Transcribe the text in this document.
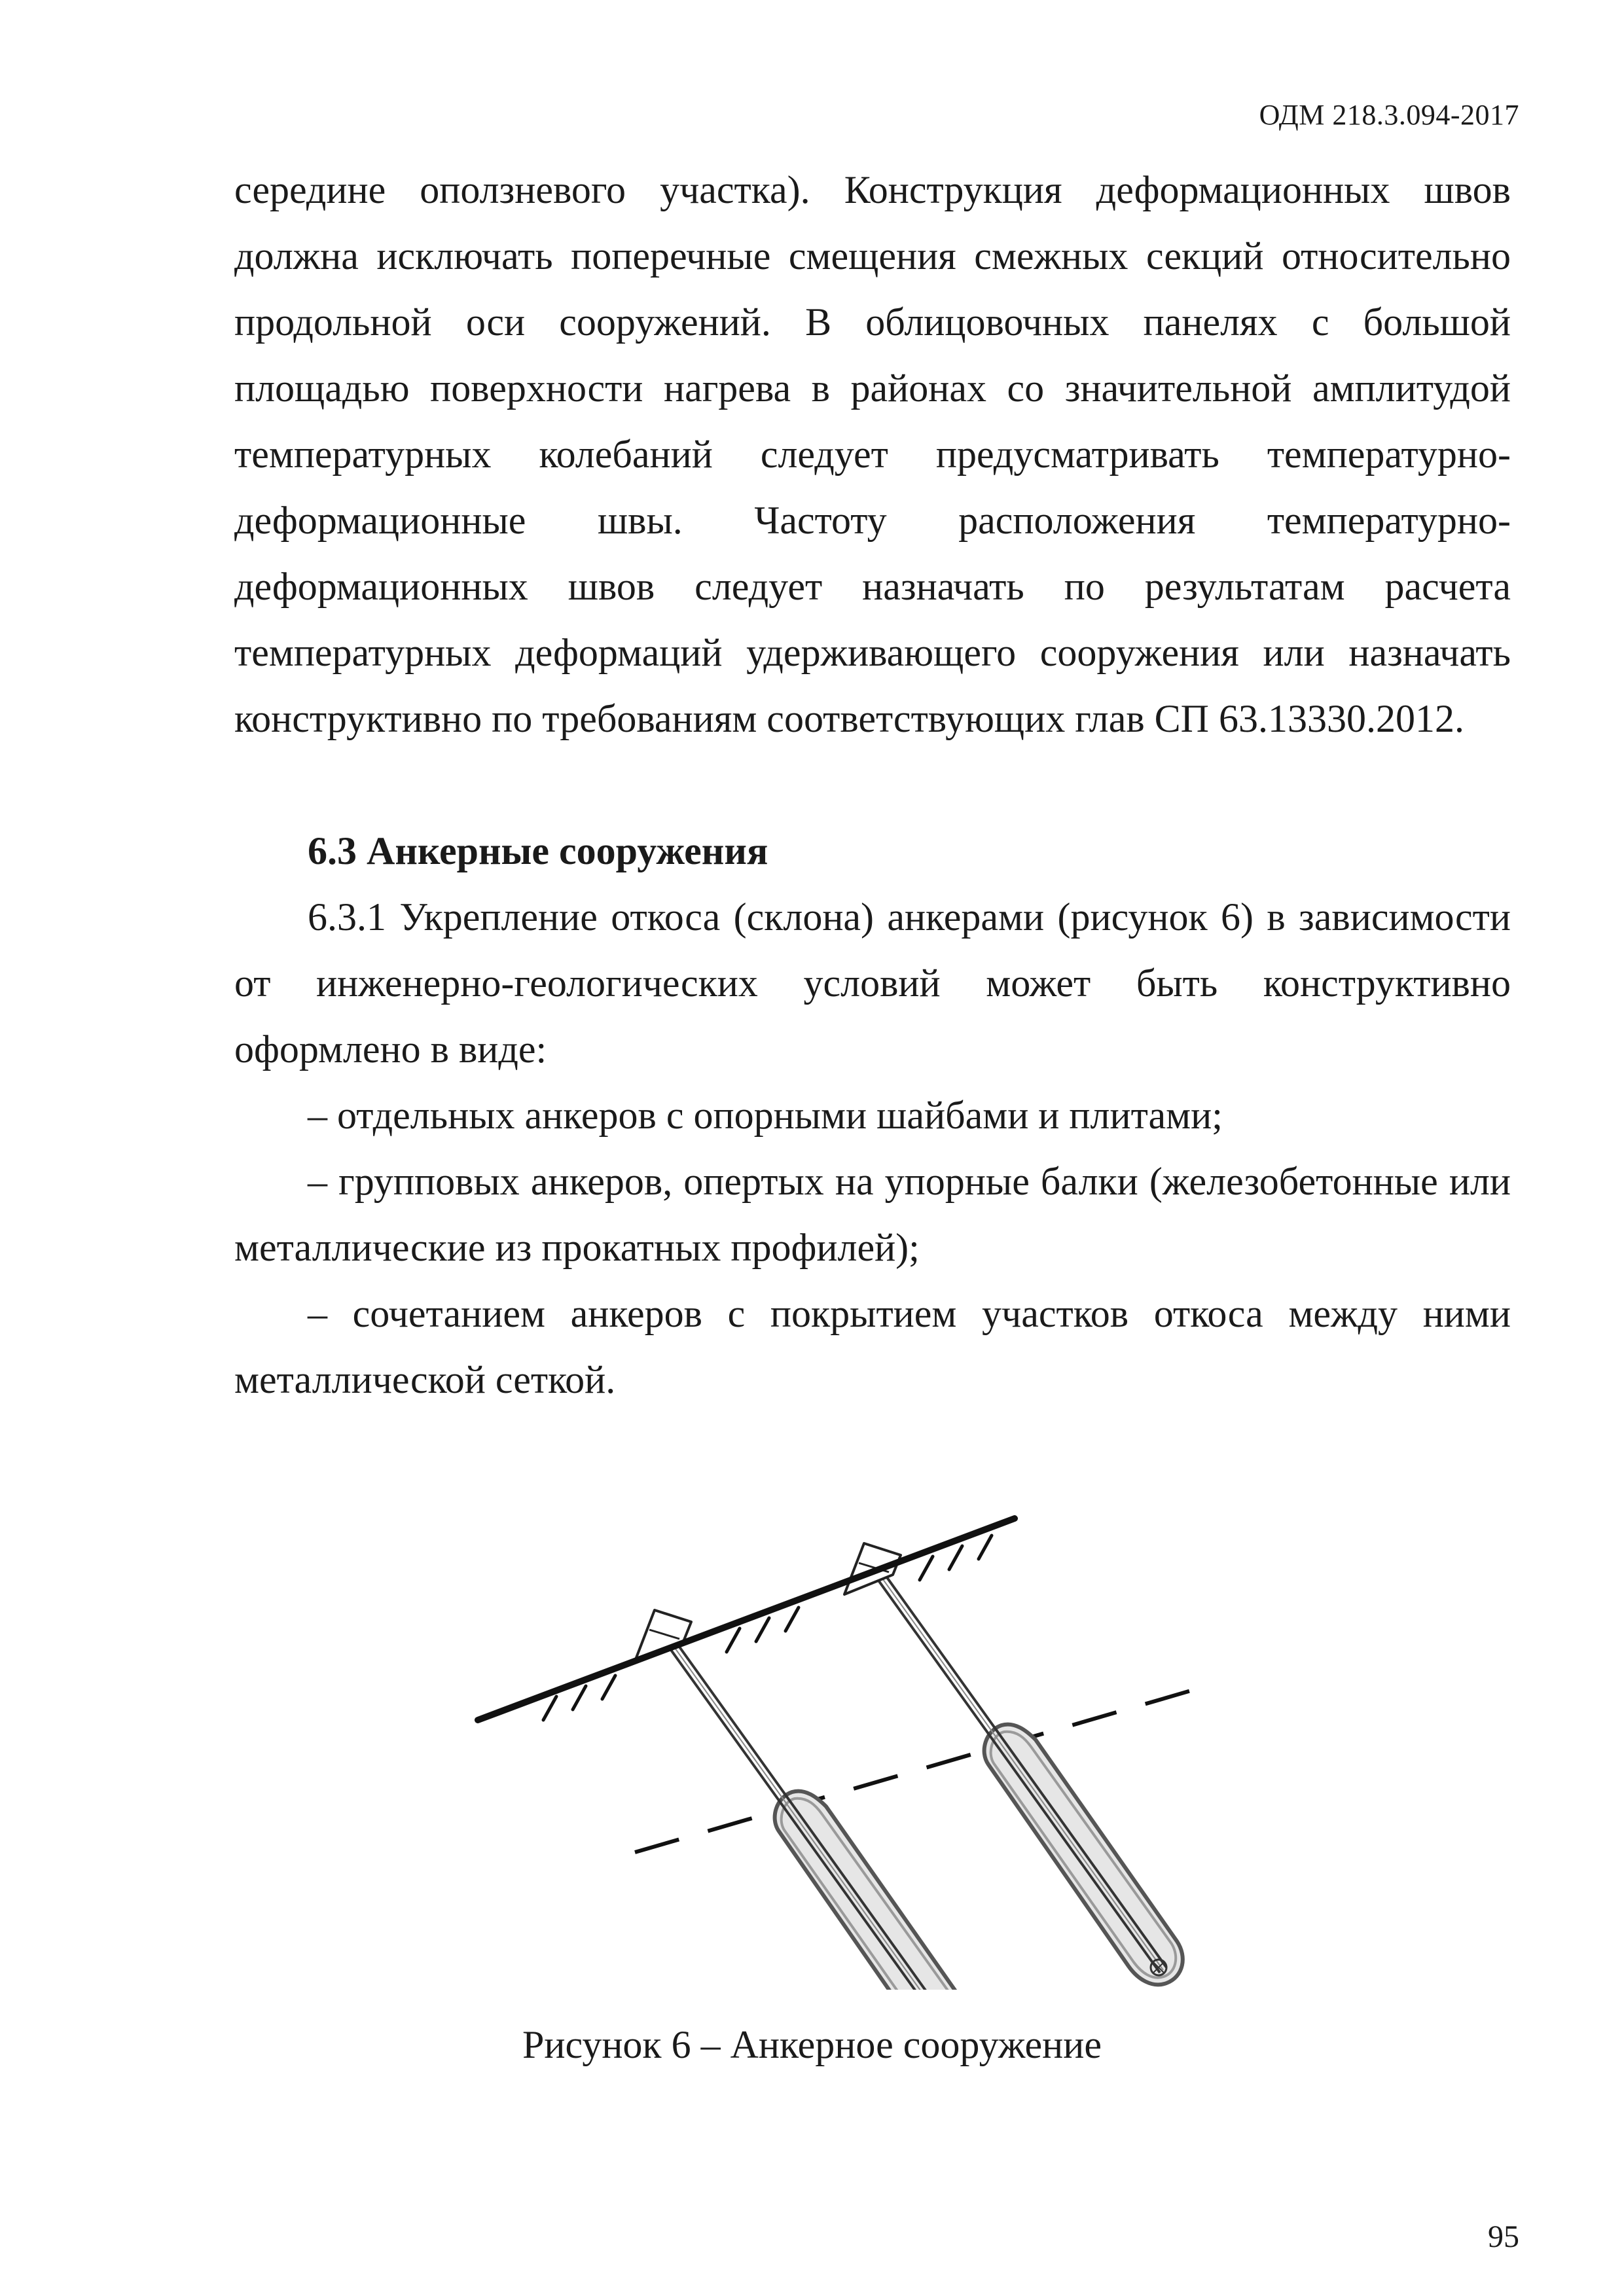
ОДМ 218.3.094-2017

середине оползневого участка). Конструкция деформационных швов должна исключать поперечные смещения смежных секций относительно продольной оси сооружений. В облицовочных панелях с большой площадью поверхности нагрева в районах со значительной амплитудой температурных колебаний следует предусматривать температурно-деформационные швы. Частоту расположения температурно-деформационных швов следует назначать по результатам расчета температурных деформаций удерживающего сооружения или назначать конструктивно по требованиям соответствующих глав СП 63.13330.2012.

6.3 Анкерные сооружения

6.3.1 Укрепление откоса (склона) анкерами (рисунок 6) в зависимости от инженерно-геологических условий может быть конструктивно оформлено в виде:

– отдельных анкеров с опорными шайбами и плитами;

– групповых анкеров, опертых на упорные балки (железобетонные или металлические из прокатных профилей);

– сочетанием анкеров с покрытием участков откоса между ними металлической сеткой.

Рисунок 6 – Анкерное сооружение
95
